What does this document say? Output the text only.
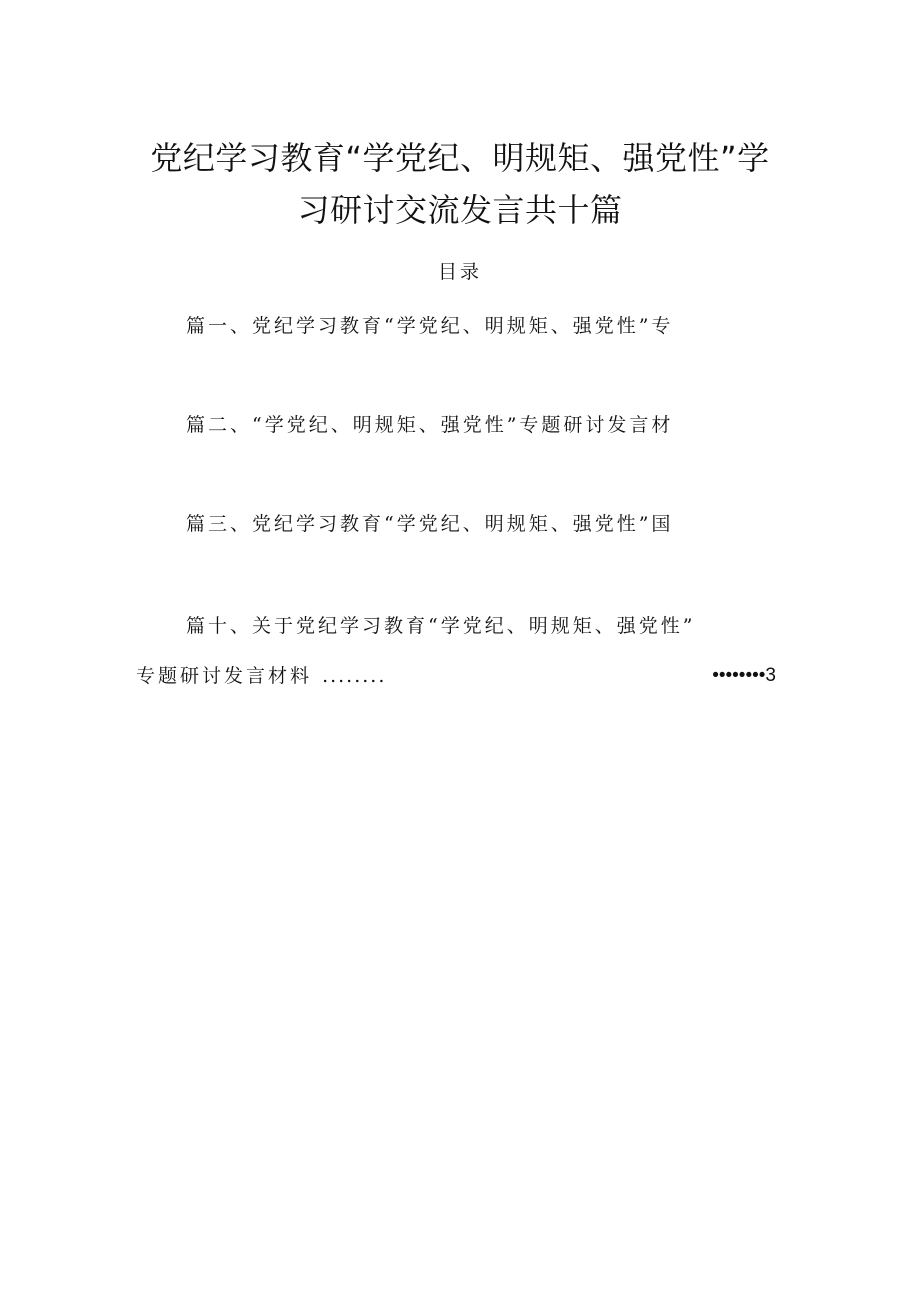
党纪学习教育“学党纪、明规矩、强党性”学
习研讨交流发言共十篇
目录
篇一、党纪学习教育“学党纪、明规矩、强党性”专
篇二、“学党纪、明规矩、强党性”专题研讨发言材
篇三、党纪学习教育“学党纪、明规矩、强党性”国
篇十、关于党纪学习教育“学党纪、明规矩、强党性”
专题研讨发言材料 ........	••••••••3
